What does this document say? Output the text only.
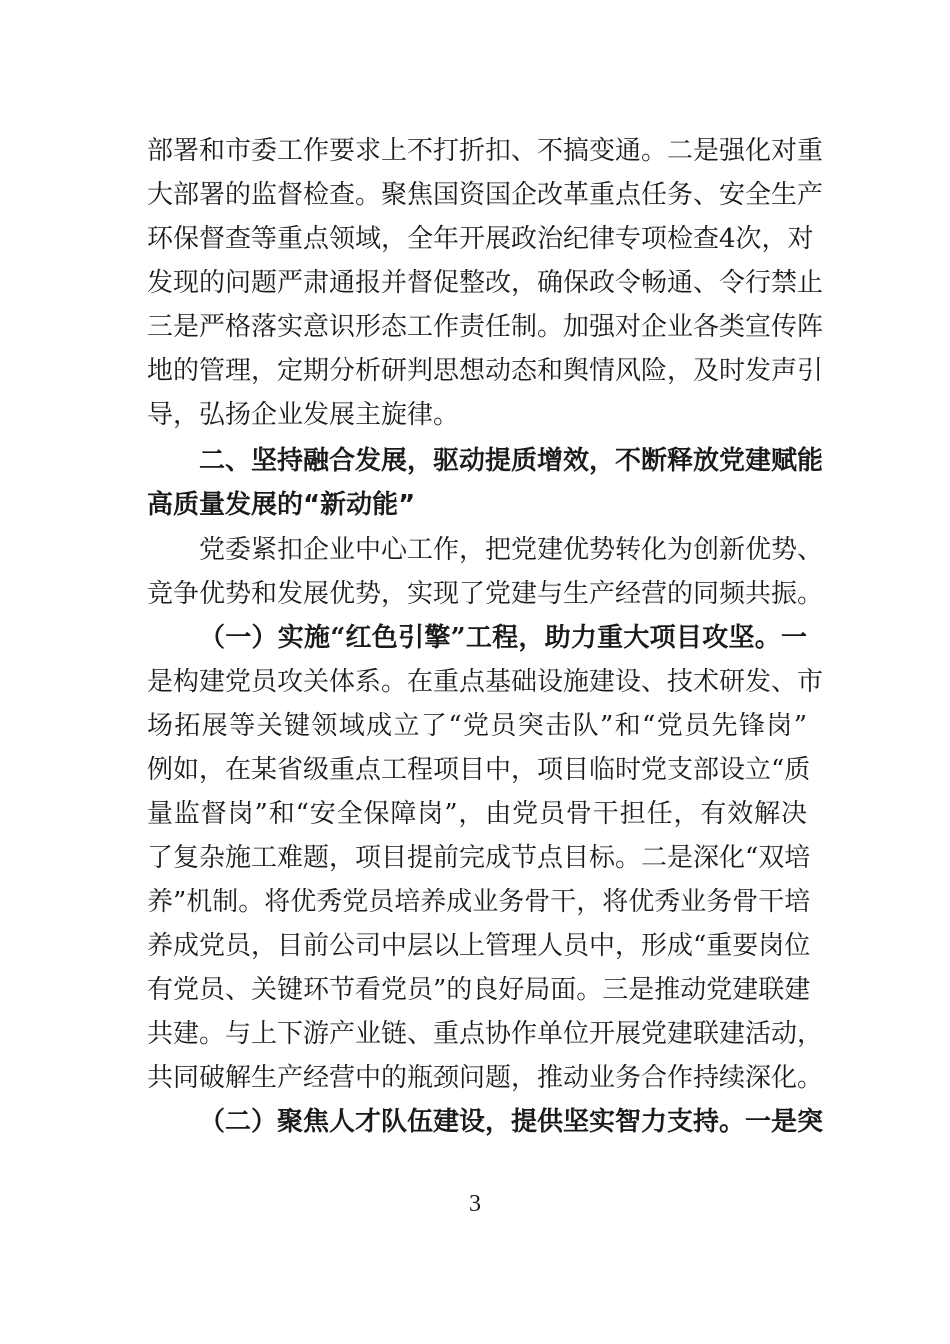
部署和市委工作要求上不打折扣、不搞变通。二是强化对重
大部署的监督检查。聚焦国资国企改革重点任务、安全生产
环保督查等重点领域，全年开展政治纪律专项检查4次，对
发现的问题严肃通报并督促整改，确保政令畅通、令行禁止
三是严格落实意识形态工作责任制。加强对企业各类宣传阵
地的管理，定期分析研判思想动态和舆情风险，及时发声引
导，弘扬企业发展主旋律。
二、坚持融合发展，驱动提质增效，不断释放党建赋能
高质量发展的“新动能”
党委紧扣企业中心工作，把党建优势转化为创新优势、
竞争优势和发展优势，实现了党建与生产经营的同频共振。
（一）实施“红色引擎”工程，助力重大项目攻坚。一
是构建党员攻关体系。在重点基础设施建设、技术研发、市
场拓展等关键领域成立了“党员突击队”和“党员先锋岗”
例如，在某省级重点工程项目中，项目临时党支部设立“质
量监督岗”和“安全保障岗”，由党员骨干担任，有效解决
了复杂施工难题，项目提前完成节点目标。二是深化“双培
养”机制。将优秀党员培养成业务骨干，将优秀业务骨干培
养成党员，目前公司中层以上管理人员中，形成“重要岗位
有党员、关键环节看党员”的良好局面。三是推动党建联建
共建。与上下游产业链、重点协作单位开展党建联建活动，
共同破解生产经营中的瓶颈问题，推动业务合作持续深化。
（二）聚焦人才队伍建设，提供坚实智力支持。一是突
3
